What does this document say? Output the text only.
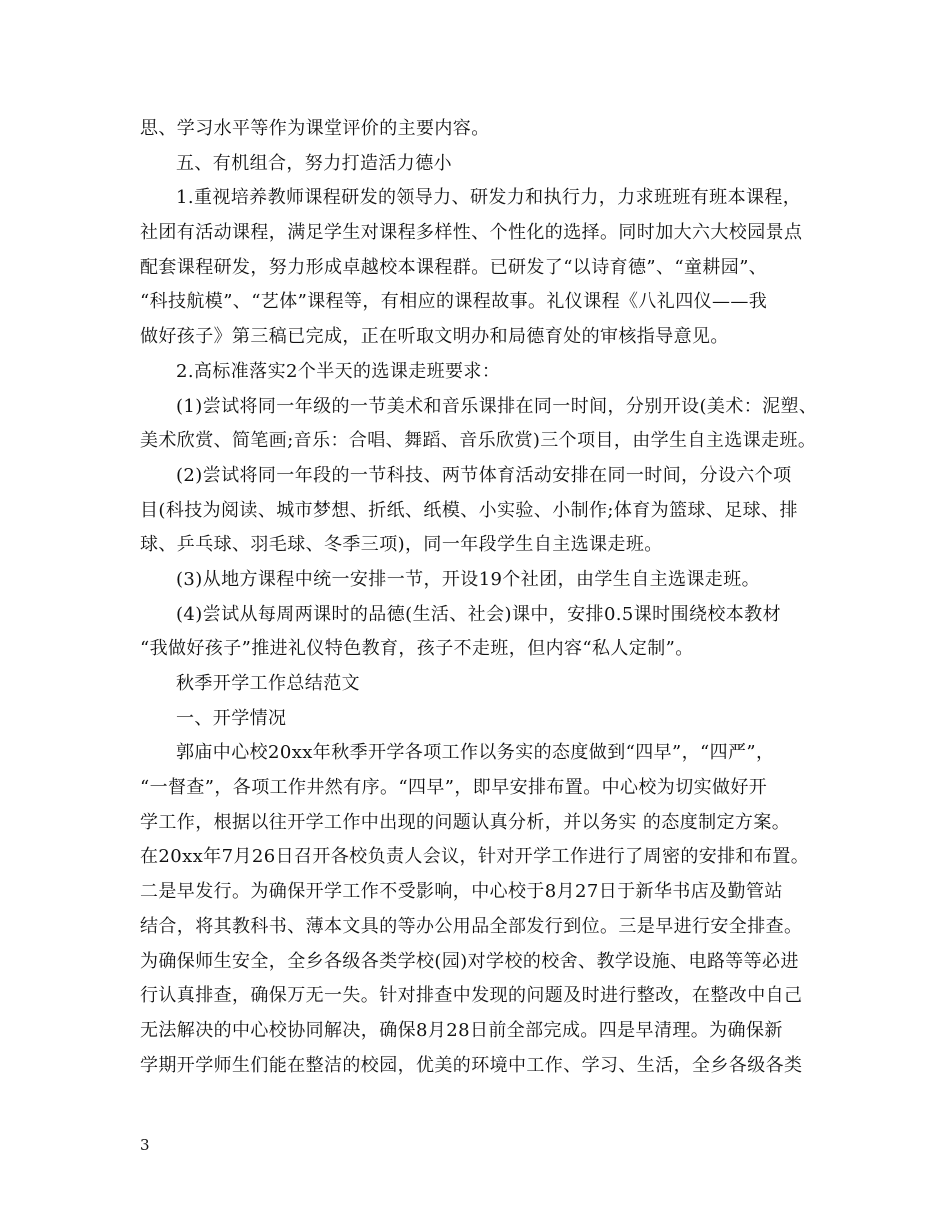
思、学习水平等作为课堂评价的主要内容。
五、有机组合，努力打造活力德小
1.重视培养教师课程研发的领导力、研发力和执行力，力求班班有班本课程，
社团有活动课程，满足学生对课程多样性、个性化的选择。同时加大六大校园景点
配套课程研发，努力形成卓越校本课程群。已研发了“以诗育德”、“童耕园”、
“科技航模”、“艺体”课程等，有相应的课程故事。礼仪课程《八礼四仪——我
做好孩子》第三稿已完成，正在听取文明办和局德育处的审核指导意见。
2.高标准落实2个半天的选课走班要求：
(1)尝试将同一年级的一节美术和音乐课排在同一时间，分别开设(美术：泥塑、
美术欣赏、简笔画;音乐：合唱、舞蹈、音乐欣赏)三个项目，由学生自主选课走班。
(2)尝试将同一年段的一节科技、两节体育活动安排在同一时间，分设六个项
目(科技为阅读、城市梦想、折纸、纸模、小实验、小制作;体育为篮球、足球、排
球、乒乓球、羽毛球、冬季三项)，同一年段学生自主选课走班。
(3)从地方课程中统一安排一节，开设19个社团，由学生自主选课走班。
(4)尝试从每周两课时的品德(生活、社会)课中，安排0.5课时围绕校本教材
“我做好孩子”推进礼仪特色教育，孩子不走班，但内容“私人定制”。
秋季开学工作总结范文
一、开学情况
郭庙中心校20xx年秋季开学各项工作以务实的态度做到“四早”，“四严”，
“一督查”，各项工作井然有序。“四早”，即早安排布置。中心校为切实做好开
学工作，根据以往开学工作中出现的问题认真分析，并以务实 的态度制定方案。
在20xx年7月26日召开各校负责人会议，针对开学工作进行了周密的安排和布置。
二是早发行。为确保开学工作不受影响，中心校于8月27日于新华书店及勤管站
结合，将其教科书、薄本文具的等办公用品全部发行到位。三是早进行安全排查。
为确保师生安全，全乡各级各类学校(园)对学校的校舍、教学设施、电路等等必进
行认真排查，确保万无一失。针对排查中发现的问题及时进行整改，在整改中自己
无法解决的中心校协同解决，确保8月28日前全部完成。四是早清理。为确保新
学期开学师生们能在整洁的校园，优美的环境中工作、学习、生活，全乡各级各类
3
